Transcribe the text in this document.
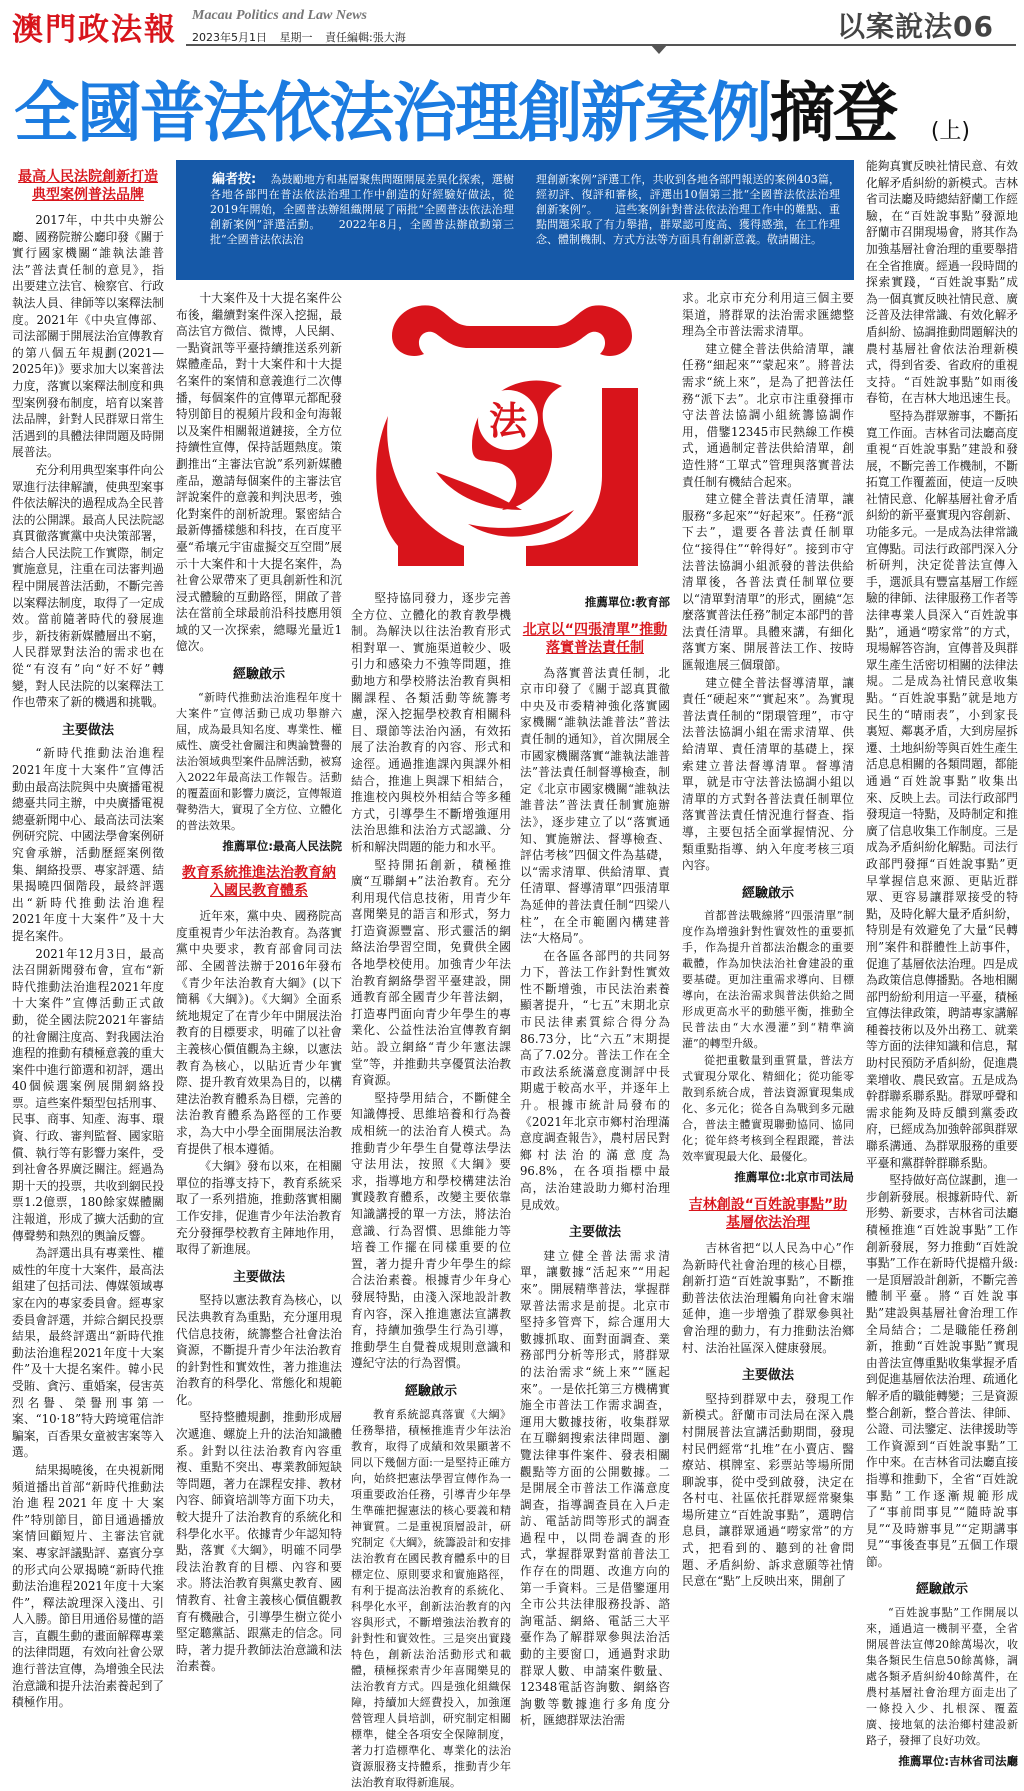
澳門政法報 Macau Politics and Law News
2023年5月1日 星期一 責任編輯:張大海	以案說法06
全國普法依法治理創新案例摘登	(上)
編者按:	為鼓勵地方和基層聚焦問題開展差異化探索，選樹各地各部門在普法依法治理工作中創造的好經驗好做法，從2019年開始，全國普法辦組織開展了兩批“全國普法依法治理創新案例”評選活動。　　2022年8月，全國普法辦啟動第三批“全國普法依法治
理創新案例”評選工作，共收到各地各部門報送的案例403篇，經初評、復評和審核，評選出10個第三批“全國普法依法治理創新案例”。　　這些案例針對普法依法治理工作中的難點、重點問題采取了有力舉措，群眾認可度高、獲得感強，在工作理念、體制機制、方式方法等方面具有創新意義。敬請關注。
法
最高人民法院創新打造典型案例普法品牌

2017年，中共中央辦公廳、國務院辦公廳印發《關于實行國家機關“誰執法誰普法”普法責任制的意見》，指出要建立法官、檢察官、行政執法人員、律師等以案釋法制度。2021年《中央宣傳部、司法部關于開展法治宣傳教育的第八個五年規劃(2021—2025年)》要求加大以案普法力度，落實以案釋法制度和典型案例發布制度，培育以案普法品牌，針對人民群眾日常生活遇到的具體法律問題及時開展普法。

充分利用典型案事件向公眾進行法律解讀，使典型案事件依法解決的過程成為全民普法的公開課。最高人民法院認真貫徹落實黨中央決策部署，結合人民法院工作實際，制定實施意見，注重在司法審判過程中開展普法活動，不斷完善以案釋法制度，取得了一定成效。當前隨著時代的發展進步，新技術新媒體層出不窮，人民群眾對法治的需求也在從“有沒有”向“好不好”轉變，對人民法院的以案釋法工作也帶來了新的機遇和挑戰。

主要做法

“新時代推動法治進程2021年度十大案件”宣傳活動由最高法院與中央廣播電視總臺共同主辦，中央廣播電視總臺新聞中心、最高法司法案例研究院、中國法學會案例研究會承辦，活動歷經案例徵集、網絡投票、專家評選、結果揭曉四個階段，最終評選出“新時代推動法治進程2021年度十大案件”及十大提名案件。

2021年12月3日，最高法召開新聞發布會，宣布“新時代推動法治進程2021年度十大案件”宣傳活動正式啟動，從全國法院2021年審結的社會關注度高、對我國法治進程的推動有積極意義的重大案件中進行節選和初評，選出40個候選案例展開網絡投票。這些案件類型包括刑事、民事、商事、知產、海事、環資、行政、審判監督、國家賠償、執行等有影響力案件，受到社會各界廣泛關注。經過為期十天的投票，共收到網民投票1.2億票，180餘家媒體關注報道，形成了擴大活動的宣傳聲勢和熱烈的輿論反響。

為評選出具有專業性、權威性的年度十大案件，最高法組建了包括司法、傳媒領域專家在內的專家委員會。經專家委員會評選，并綜合網民投票結果，最終評選出“新時代推動法治進程2021年度十大案件”及十大提名案件。韓小民受賄、貪污、重婚案，侵害英烈名譽、榮譽刑事第一案、“10·18”特大跨境電信詐騙案，百香果女童被害案等入選。

結果揭曉後，在央視新聞頻道播出首部“新時代推動法治進程2021年度十大案件”特別節目，節目通過播放案情回顧短片、主審法官就案、專家評議點評、嘉賓分享的形式向公眾揭曉“新時代推動法治進程2021年度十大案件”，釋法說理深入淺出、引人入勝。節目用通俗易懂的語言，直觀生動的畫面解釋專業的法律問題，有效向社會公眾進行普法宣傳，為增強全民法治意識和提升法治素養起到了積極作用。

十大案件及十大提名案件公布後，繼續對案件深入挖掘，最高法官方微信、微博，人民網、一點資訊等平臺持續推送系列新媒體產品，對十大案件和十大提名案件的案情和意義進行二次傳播，每個案件的宣傳單元都配發特別節目的視頻片段和金句海報以及案件相關報道鏈接，全方位持續性宣傳，保持話題熱度。策劃推出“主審法官說”系列新媒體產品，邀請每個案件的主審法官評說案件的意義和判決思考，強化對案件的剖析說理。緊密結合最新傳播樣態和科技，在百度平臺“希壤元宇宙虛擬交互空間”展示十大案件和十大提名案件，為社會公眾帶來了更具創新性和沉浸式體驗的互動路徑，開啟了普法在當前全球最前沿科技應用領域的又一次探索，總曝光量近1億次。

經驗啟示

“新時代推動法治進程年度十大案件”宣傳活動已成功舉辦六屆，成為最具知名度、專業性、權威性、廣受社會關注和輿論贊譽的法治領域典型案件品牌活動，被寫入2022年最高法工作報告。活動的覆蓋面和影響力廣泛，宣傳報道聲勢浩大，實現了全方位、立體化的普法效果。

推薦單位:最高人民法院
教育系統推進法治教育納入國民教育體系

近年來，黨中央、國務院高度重視青少年法治教育。為落實黨中央要求，教育部會同司法部、全國普法辦于2016年發布《青少年法治教育大綱》(以下簡稱《大綱》)。《大綱》全面系統地規定了在青少年中開展法治教育的目標要求，明確了以社會主義核心價值觀為主線，以憲法教育為核心，以貼近青少年實際、提升教育效果為目的，以構建法治教育體系為目標，完善的法治教育體系為路徑的工作要求，為大中小學全面開展法治教育提供了根本遵循。

《大綱》發布以來，在相關單位的指導支持下，教育系統采取了一系列措施，推動落實相關工作安排，促進青少年法治教育充分發揮學校教育主陣地作用，取得了新進展。

主要做法

堅持以憲法教育為核心，以民法典教育為重點，充分運用現代信息技術，統籌整合社會法治資源，不斷提升青少年法治教育的針對性和實效性，著力推進法治教育的科學化、常態化和規範化。

堅持整體規劃，推動形成層次遞進、螺旋上升的法治知識體系。針對以往法治教育內容重複、重點不突出、專業教師短缺等問題，著力在課程安排、教材內容、師資培訓等方面下功夫，較大提升了法治教育的系統化和科學化水平。依據青少年認知特點，落實《大綱》，明確不同學段法治教育的目標、內容和要求。將法治教育與黨史教育、國情教育、社會主義核心價值觀教育有機融合，引導學生樹立從小堅定聽黨話、跟黨走的信念。同時，著力提升教師法治意識和法治素養。

堅持協同發力，逐步完善全方位、立體化的教育教學機制。為解決以往法治教育形式相對單一、實施渠道較少、吸引力和感染力不強等問題，推動地方和學校將法治教育與相關課程、各類活動等統籌考慮，深入挖掘學校教育相關科目、環節等法治內涵，有效拓展了法治教育的內容、形式和途徑。通過推進課內與課外相結合，推進上與課下相結合，推進校內與校外相結合等多種方式，引導學生不斷增強運用法治思維和法治方式認識、分析和解決問題的能力和水平。

堅持開拓創新，積極推廣“互聯網+”法治教育。充分利用現代信息技術，用青少年喜聞樂見的語言和形式，努力打造資源豐富、形式靈活的網絡法治學習空間，免費供全國各地學校使用。加強青少年法治教育網絡學習平臺建設，開通教育部全國青少年普法網，打造專門面向青少年學生的專業化、公益性法治宣傳教育網站。設立網絡“青少年憲法課堂”等，并推動共享優質法治教育資源。

堅持學用結合，不斷健全知識傳授、思維培養和行為養成相統一的法治育人模式。為推動青少年學生自覺尊法學法守法用法，按照《大綱》要求，指導地方和學校構建法治實踐教育體系，改變主要依靠知識講授的單一方法，將法治意識、行為習慣、思維能力等培養工作擺在同樣重要的位置，著力提升青少年學生的綜合法治素養。根據青少年身心發展特點，由淺入深地設計教育內容，深入推進憲法宣講教育，持續加強學生行為引導，推動學生自覺養成規則意識和遵紀守法的行為習慣。

經驗啟示

教育系統認真落實《大綱》任務舉措，積極推進青少年法治教育，取得了成績和效果顯著不同以下幾個方面:一是堅持正確方向，始終把憲法學習宣傳作為一項重要政治任務，引導青少年學生準確把握憲法的核心要義和精神實質。二是重視頂層設計，研究制定《大綱》，統籌設計和安排法治教育在國民教育體系中的目標定位、原則要求和實施路徑，有利于提高法治教育的系統化、科學化水平，創新法治教育的內容與形式，不斷增強法治教育的針對性和實效性。三是突出實踐特色，創新法治活動形式和載體，積極探索青少年喜聞樂見的法治教育方式。四是強化組織保障，持續加大經費投入，加強運營管理人員培訓，研究制定相關標準，健全各項安全保障制度，著力打造標準化、專業化的法治資源服務支持體系，推動青少年法治教育取得新進展。

推薦單位:教育部
北京以“四張清單”推動落實普法責任制

為落實普法責任制，北京市印發了《關于認真貫徹中央及市委精神強化落實國家機關“誰執法誰普法”普法責任制的通知》，首次開展全市國家機關落實“誰執法誰普法”普法責任制督導檢查，制定《北京市國家機關“誰執法誰普法”普法責任制實施辦法》，逐步建立了以“落實通知、實施辦法、督導檢查、評估考核”四個文件為基礎，以“需求清單、供給清單、責任清單、督導清單”四張清單為延伸的普法責任制“四梁八柱”，在全市範圍內構建普法“大格局”。

在各區各部門的共同努力下，普法工作針對性實效性不斷增強，市民法治素養顯著提升，“七五”末期北京市民法律素質綜合得分為86.73分，比“六五”末期提高了7.02分。普法工作在全市政法系統滿意度測評中長期處于較高水平，并逐年上升。根據市統計局發布的《2021年北京市鄉村治理滿意度調查報告》，農村居民對鄉村法治的滿意度為96.8%，在各項指標中最高，法治建設助力鄉村治理見成效。

主要做法

建立健全普法需求清單，讓數據“活起來”“用起來”。開展精準普法，掌握群眾普法需求是前提。北京市堅持多管齊下，綜合運用大數據抓取、面對面調查、業務部門分析等形式，將群眾的法治需求“統上來”“匯起來”。一是依托第三方機構實施全市普法工作需求調查，運用大數據技術，收集群眾在互聯網搜索法律問題、瀏覽法律事件案件、發表相關觀點等方面的公開數據。二是開展全市普法工作滿意度調查，指導調查員在入戶走訪、電話訪問等形式的調查過程中，以問卷調查的形式，掌握群眾對當前普法工作存在的問題、改進方向的第一手資料。三是借鑒運用全市公共法律服務投訴、諮詢電話、網絡、電話三大平臺作為了解群眾參與法治活動的主要窗口，通過對求助群眾人數、申請案件數量、12348電話咨詢數、網絡咨詢數等數據進行多角度分析，匯總群眾法治需

求。北京市充分利用這三個主要渠道，將群眾的法治需求匯總整理為全市普法需求清單。

建立健全普法供給清單，讓任務“細起來”“蒙起來”。將普法需求“統上來”，是為了把普法任務“派下去”。北京市注重發揮市守法普法協調小組統籌協調作用，借鑒12345市民熱線工作模式，通過制定普法供給清單，創造性將“工單式”管理與落實普法責任制有機結合起來。

建立健全普法責任清單，讓服務“多起來”“好起來”。任務“派下去”，還要各普法責任制單位“接得住”“幹得好”。接到市守法普法協調小組派發的普法供給清單後，各普法責任制單位要以“清單對清單”的形式，圍繞“怎麼落實普法任務”制定本部門的普法責任清單。具體來講，有細化落實方案、開展普法工作、按時匯報進展三個環節。

建立健全普法督導清單，讓責任“硬起來”“實起來”。為實現普法責任制的“閉環管理”，市守法普法協調小組在需求清單、供給清單、責任清單的基礎上，探索建立普法督導清單。督導清單，就是市守法普法協調小組以清單的方式對各普法責任制單位落實普法責任情況進行督查、指導，主要包括全面掌握情況、分類重點指導、納入年度考核三項內容。

經驗啟示

首都普法戰線將“四張清單”制度作為增強針對性實效性的重要抓手，作為提升首都法治觀念的重要載體，作為加快法治社會建設的重要基礎。更加注重需求導向、目標導向，在法治需求與普法供給之間形成更高水平的動態平衡，推動全民普法由“大水漫灌”到“精準滴灌”的轉型升級。

從把重數量到重質量，普法方式實現分眾化、精細化；從功能零散到系統合成，普法資源實現集成化、多元化；從各自為戰到多元融合，普法主體實現聯動協同、協同化；從年終考核到全程跟蹤，普法效率實現最大化、最優化。

推薦單位:北京市司法局
吉林創設“百姓說事點”助基層依法治理

吉林省把“以人民為中心”作為新時代社會治理的核心目標，創新打造“百姓說事點”，不斷推動普法依法治理觸角向社會末端延伸，進一步增強了群眾參與社會治理的動力，有力推動法治鄉村、法治社區深入健康發展。

主要做法

堅持到群眾中去，發現工作新模式。舒蘭市司法局在深入農村開展普法宣講活動期間，發現村民們經常“扎堆”在小賣店、醫療站、棋牌室、彩票站等場所閒聊說事，從中受到啟發，決定在各村屯、社區依托群眾經常聚集場所建立“百姓說事點”，選聘信息員，讓群眾通過“嘮家常”的方式，把看到的、聽到的社會問題、矛盾糾紛、訴求意願等社情民意在“點”上反映出來，開創了

能夠真實反映社情民意、有效化解矛盾糾紛的新模式。吉林省司法廳及時總結舒蘭工作經驗，在“百姓說事點”發源地舒蘭市召開現場會，將其作為加強基層社會治理的重要舉措在全省推廣。經過一段時間的探索實踐，“百姓說事點”成為一個真實反映社情民意、廣泛普及法律常識、有效化解矛盾糾紛、協調推動問題解決的農村基層社會依法治理新模式，得到省委、省政府的重視支持。“百姓說事點”如雨後春筍，在吉林大地迅速生長。

堅持為群眾辦事，不斷拓寬工作面。吉林省司法廳高度重視“百姓說事點”建設和發展，不斷完善工作機制，不斷拓寬工作覆蓋面，使這一反映社情民意、化解基層社會矛盾糾紛的新平臺實現內容創新、功能多元。一是成為法律常識宣傳點。司法行政部門深入分析研判，決定從普法宣傳入手，選派具有豐富基層工作經驗的律師、法律服務工作者等法律專業人員深入“百姓說事點”，通過“嘮家常”的方式，現場解答咨詢，宣傳普及與群眾生產生活密切相關的法律法規。二是成為社情民意收集點。“百姓說事點”就是地方民生的“晴雨表”，小到家長裏短、鄰裏矛盾，大到房屋拆遷、土地糾紛等與百姓生產生活息息相關的各類問題，都能通過“百姓說事點”收集出來、反映上去。司法行政部門發現這一特點，及時制定和推廣了信息收集工作制度。三是成為矛盾糾紛化解點。司法行政部門發揮“百姓說事點”更早掌握信息來源、更貼近群眾、更容易讓群眾接受的特點，及時化解大量矛盾糾紛，特別是有效避免了大量“民轉刑”案件和群體性上訪事件，促進了基層依法治理。四是成為政策信息傳播點。各地相關部門紛紛利用這一平臺，積極宣傳法律政策，聘請專家講解種養技術以及外出務工、就業等方面的法律知識和信息，幫助村民預防矛盾糾紛，促進農業增收、農民致富。五是成為幹群聯系聯系點。群眾呼聲和需求能夠及時反饋到黨委政府，已經成為加強幹部與群眾聯系溝通、為群眾服務的重要平臺和黨群幹群聯系點。

堅持做好高位謀劃，進一步創新發展。根據新時代、新形勢、新要求，吉林省司法廳積極推進“百姓說事點”工作創新發展，努力推動“百姓說事點”工作在新時代提檔升級:一是頂層設計創新，不斷完善體制平臺。將“百姓說事點”建設與基層社會治理工作全局結合；二是職能任務創新，推動“百姓說事點”實現由普法宣傳重點收集掌握矛盾到促進基層依法治理、疏通化解矛盾的職能轉變；三是資源整合創新，整合普法、律師、公證、司法鑒定、法律援助等工作資源到“百姓說事點”工作中來。在吉林省司法廳直接指導和推動下，全省“百姓說事點”工作逐漸規範形成了“事前問事見”“隨時說事見”“及時辦事見”“定期講事見”“事後查事見”五個工作環節。

經驗啟示

“百姓說事點”工作開展以來，通過這一機制平臺，全省開展普法宣傳20餘萬場次，收集各類民生信息50餘萬條，調處各類矛盾糾紛40餘萬件，在農村基層社會治理方面走出了一條投入少、扎根深、覆蓋廣、接地氣的法治鄉村建設新路子，發揮了良好功效。

推薦單位:吉林省司法廳
